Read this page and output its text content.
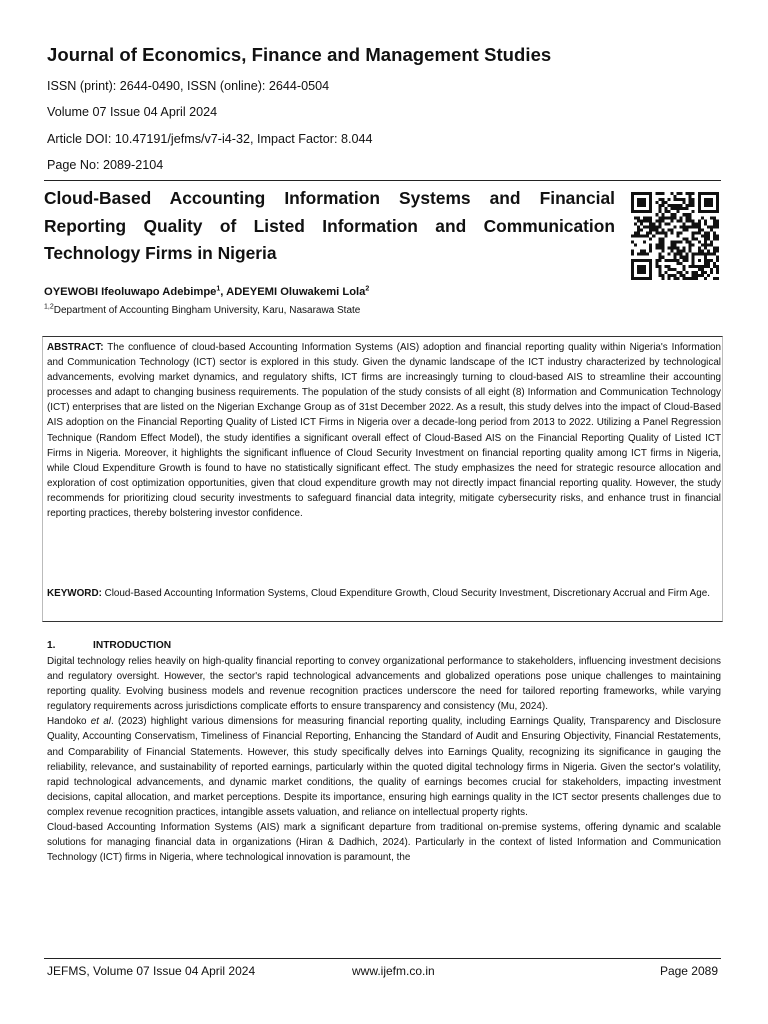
Journal of Economics, Finance and Management Studies
ISSN (print): 2644-0490, ISSN (online): 2644-0504
Volume 07 Issue 04 April 2024
Article DOI: 10.47191/jefms/v7-i4-32, Impact Factor: 8.044
Page No: 2089-2104
Cloud-Based Accounting Information Systems and Financial Reporting Quality of Listed Information and Communication Technology Firms in Nigeria
OYEWOBI Ifeoluwapo Adebimpe$^1$, ADEYEMI Oluwakemi Lola$^2$
$^{1,2}$Department of Accounting Bingham University, Karu, Nasarawa State

ABSTRACT: The confluence of cloud-based Accounting Information Systems (AIS) adoption and financial reporting quality within Nigeria's Information and Communication Technology (ICT) sector is explored in this study. Given the dynamic landscape of the ICT industry characterized by technological advancements, evolving market dynamics, and regulatory shifts, ICT firms are increasingly turning to cloud-based AIS to streamline their accounting processes and adapt to changing business requirements. The population of the study consists of all eight (8) Information and Communication Technology (ICT) enterprises that are listed on the Nigerian Exchange Group as of 31st December 2022. As a result, this study delves into the impact of Cloud-Based AIS adoption on the Financial Reporting Quality of Listed ICT Firms in Nigeria over a decade-long period from 2013 to 2022. Utilizing a Panel Regression Technique (Random Effect Model), the study identifies a significant overall effect of Cloud-Based AIS on the Financial Reporting Quality of Listed ICT Firms in Nigeria. Moreover, it highlights the significant influence of Cloud Security Investment on financial reporting quality among ICT firms in Nigeria, while Cloud Expenditure Growth is found to have no statistically significant effect. The study emphasizes the need for strategic resource allocation and exploration of cost optimization opportunities, given that cloud expenditure growth may not directly impact financial reporting quality. However, the study recommends for prioritizing cloud security investments to safeguard financial data integrity, mitigate cybersecurity risks, and enhance trust in financial reporting practices, thereby bolstering investor confidence.

KEYWORD: Cloud-Based Accounting Information Systems, Cloud Expenditure Growth, Cloud Security Investment, Discretionary Accrual and Firm Age.

1.	INTRODUCTION

Digital technology relies heavily on high-quality financial reporting to convey organizational performance to stakeholders, influencing investment decisions and regulatory oversight. However, the sector's rapid technological advancements and globalized operations pose unique challenges to maintaining reporting quality. Evolving business models and revenue recognition practices underscore the need for tailored reporting frameworks, while varying regulatory requirements across jurisdictions complicate efforts to ensure transparency and consistency (Mu, 2024).

Handoko et al. (2023) highlight various dimensions for measuring financial reporting quality, including Earnings Quality, Transparency and Disclosure Quality, Accounting Conservatism, Timeliness of Financial Reporting, Enhancing the Standard of Audit and Ensuring Objectivity, Financial Restatements, and Comparability of Financial Statements. However, this study specifically delves into Earnings Quality, recognizing its significance in gauging the reliability, relevance, and sustainability of reported earnings, particularly within the quoted digital technology firms in Nigeria. Given the sector's volatility, rapid technological advancements, and dynamic market conditions, the quality of earnings becomes crucial for stakeholders, impacting investment decisions, capital allocation, and market perceptions. Despite its importance, ensuring high earnings quality in the ICT sector presents challenges due to complex revenue recognition practices, intangible assets valuation, and reliance on intellectual property rights.

Cloud-based Accounting Information Systems (AIS) mark a significant departure from traditional on-premise systems, offering dynamic and scalable solutions for managing financial data in organizations (Hiran & Dadhich, 2024). Particularly in the context of listed Information and Communication Technology (ICT) firms in Nigeria, where technological innovation is paramount, the

JEFMS, Volume 07 Issue 04 April 2024	www.ijefm.co.in	Page 2089
